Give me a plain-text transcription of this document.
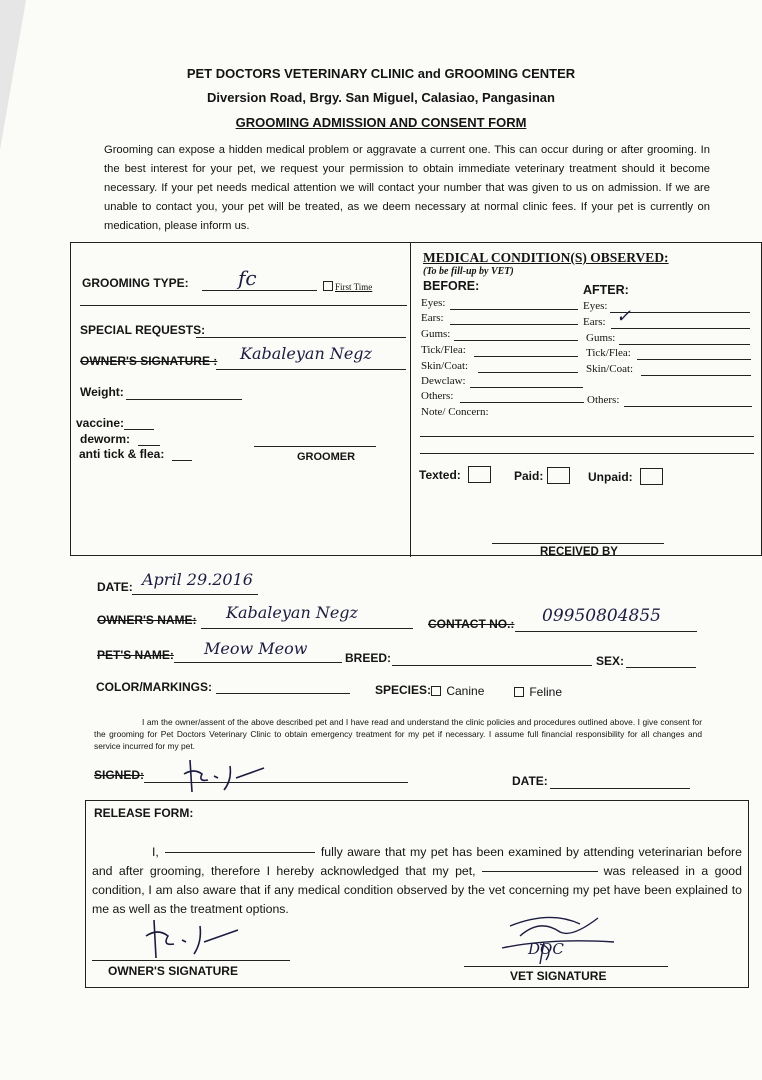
PET DOCTORS VETERINARY CLINIC and GROOMING CENTER
Diversion Road, Brgy. San Miguel, Calasiao, Pangasinan
GROOMING ADMISSION AND CONSENT FORM
Grooming can expose a hidden medical problem or aggravate a current one. This can occur during or after grooming. In the best interest for your pet, we request your permission to obtain immediate veterinary treatment should it become necessary. If your pet needs medical attention we will contact your number that was given to us on admission. If we are unable to contact you, your pet will be treated, as we deem necessary at normal clinic fees. If your pet is currently on medication, please inform us.
GROOMING TYPE: fc	First Time
SPECIAL REQUESTS:
OWNER'S SIGNATURE : Kabaleyan Negz
Weight:
vaccine:
deworm:
anti tick & flea:	GROOMER
MEDICAL CONDITION(S) OBSERVED:
(To be fill-up by VET)
BEFORE:	AFTER:
Eyes:
Ears:
Gums:
Tick/Flea:
Skin/Coat:
Dewclaw:
Others:
Note/ Concern:
Eyes:
Ears: ✓
Gums:
Tick/Flea:
Skin/Coat:
Others:
Texted:	Paid:	Unpaid:
RECEIVED BY
DATE: April 29.2016
OWNER'S NAME: Kabaleyan Negz
CONTACT NO.: 09950804855
PET'S NAME: Meow Meow	BREED:	SEX:
COLOR/MARKINGS:	SPECIES:	Canine	Feline
I am the owner/assent of the above described pet and I have read and understand the clinic policies and procedures outlined above. I give consent for the grooming for Pet Doctors Veterinary Clinic to obtain emergency treatment for my pet if necessary. I assume full financial responsibility for all changes and service incurred for my pet.
SIGNED:	DATE:
RELEASE FORM:
I,	fully aware that my pet has been examined by attending veterinarian before and after grooming, therefore I hereby acknowledged that my pet,	was released in a good condition, I am also aware that if any medical condition observed by the vet concerning my pet have been explained to me as well as the treatment options.
OWNER'S SIGNATURE
DOC
VET SIGNATURE
